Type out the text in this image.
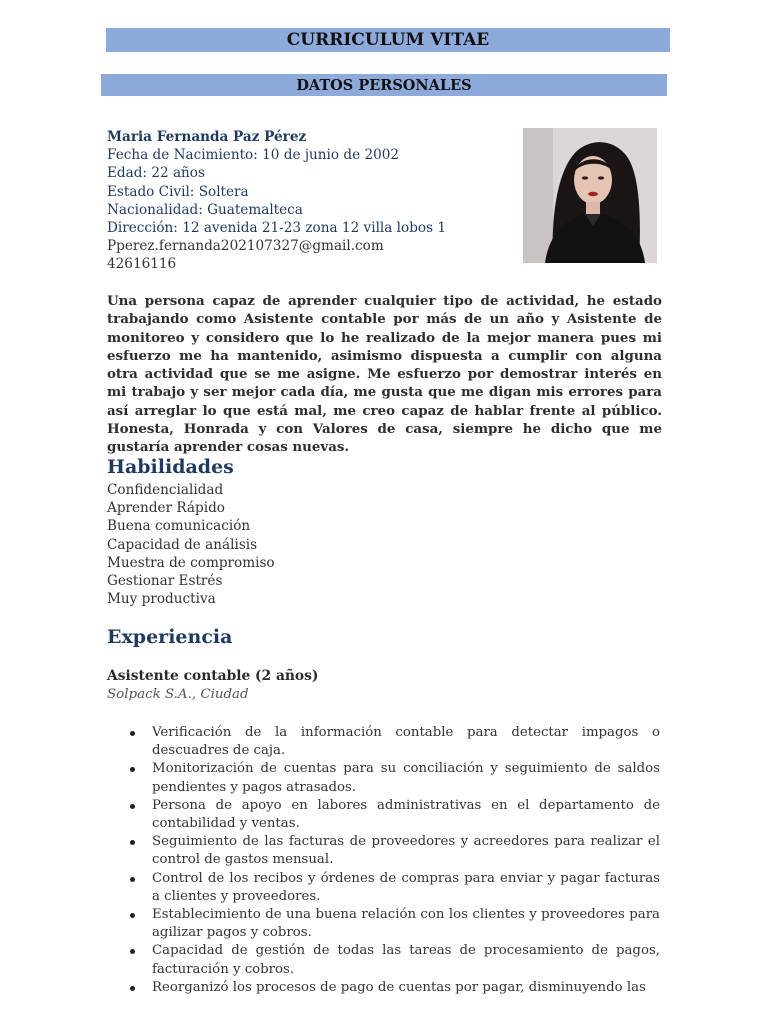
CURRICULUM VITAE
DATOS PERSONALES
Maria Fernanda Paz Pérez
Fecha de Nacimiento: 10 de junio de 2002
Edad: 22 años
Estado Civil: Soltera
Nacionalidad: Guatemalteca
Dirección: 12 avenida 21-23 zona 12 villa lobos 1
Pperez.fernanda202107327@gmail.com
42616116
Una persona capaz de aprender cualquier tipo de actividad, he estado trabajando como Asistente contable por más de un año y Asistente de monitoreo y considero que lo he realizado de la mejor manera pues mi esfuerzo me ha mantenido, asimismo dispuesta a cumplir con alguna otra actividad que se me asigne. Me esfuerzo por demostrar interés en mi trabajo y ser mejor cada día, me gusta que me digan mis errores para así arreglar lo que está mal, me creo capaz de hablar frente al público. Honesta, Honrada y con Valores de casa, siempre he dicho que me gustaría aprender cosas nuevas.
Habilidades
Confidencialidad
Aprender Rápido
Buena comunicación
Capacidad de análisis
Muestra de compromiso
Gestionar Estrés
Muy productiva
Experiencia
Asistente contable (2 años)
Solpack S.A., Ciudad
Verificación de la información contable para detectar impagos o descuadres de caja.
Monitorización de cuentas para su conciliación y seguimiento de saldos pendientes y pagos atrasados.
Persona de apoyo en labores administrativas en el departamento de contabilidad y ventas.
Seguimiento de las facturas de proveedores y acreedores para realizar el control de gastos mensual.
Control de los recibos y órdenes de compras para enviar y pagar facturas a clientes y proveedores.
Establecimiento de una buena relación con los clientes y proveedores para agilizar pagos y cobros.
Capacidad de gestión de todas las tareas de procesamiento de pagos, facturación y cobros.
Reorganizó los procesos de pago de cuentas por pagar, disminuyendo las
